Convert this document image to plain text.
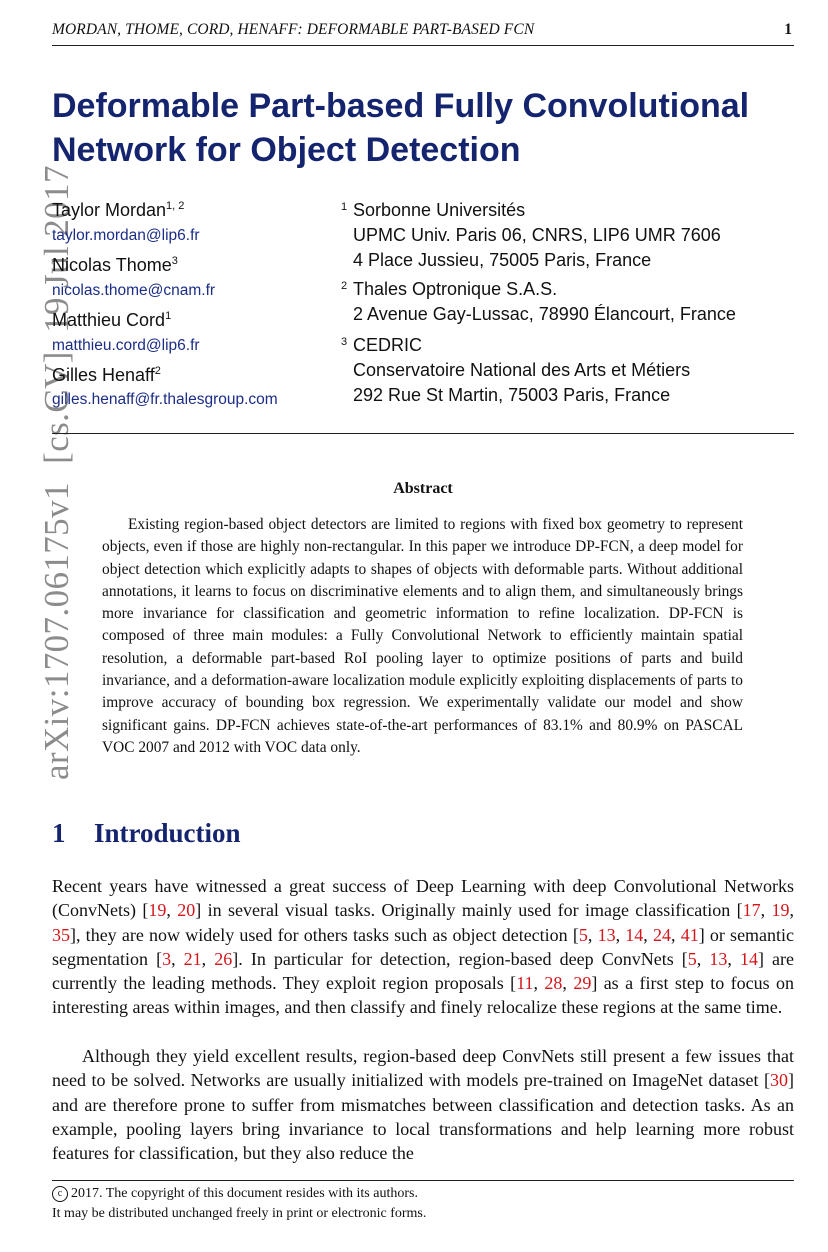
MORDAN, THOME, CORD, HENAFF: DEFORMABLE PART-BASED FCN	1
arXiv:1707.06175v1  [cs.CV]  19 Jul 2017
Deformable Part-based Fully Convolutional
Network for Object Detection
Taylor Mordan$^{1, 2}$
taylor.mordan@lip6.fr
Nicolas Thome$^3$
nicolas.thome@cnam.fr
Matthieu Cord$^1$
matthieu.cord@lip6.fr
Gilles Henaff$^2$
gilles.henaff@fr.thalesgroup.com
1 Sorbonne Universités
UPMC Univ. Paris 06, CNRS, LIP6 UMR 7606
4 Place Jussieu, 75005 Paris, France
2 Thales Optronique S.A.S.
2 Avenue Gay-Lussac, 78990 Élancourt, France
3 CEDRIC
Conservatoire National des Arts et Métiers
292 Rue St Martin, 75003 Paris, France
Abstract
Existing region-based object detectors are limited to regions with fixed box geometry to represent objects, even if those are highly non-rectangular. In this paper we introduce DP-FCN, a deep model for object detection which explicitly adapts to shapes of objects with deformable parts. Without additional annotations, it learns to focus on discriminative elements and to align them, and simultaneously brings more invariance for classification and geometric information to refine localization. DP-FCN is composed of three main modules: a Fully Convolutional Network to efficiently maintain spatial resolution, a deformable part-based RoI pooling layer to optimize positions of parts and build invariance, and a deformation-aware localization module explicitly exploiting displacements of parts to improve accuracy of bounding box regression. We experimentally validate our model and show significant gains. DP-FCN achieves state-of-the-art performances of 83.1% and 80.9% on PASCAL VOC 2007 and 2012 with VOC data only.
1 Introduction
Recent years have witnessed a great success of Deep Learning with deep Convolutional Networks (ConvNets) [19, 20] in several visual tasks. Originally mainly used for image classification [17, 19, 35], they are now widely used for others tasks such as object detection [5, 13, 14, 24, 41] or semantic segmentation [3, 21, 26]. In particular for detection, region-based deep ConvNets [5, 13, 14] are currently the leading methods. They exploit region proposals [11, 28, 29] as a first step to focus on interesting areas within images, and then classify and finely relocalize these regions at the same time.
Although they yield excellent results, region-based deep ConvNets still present a few issues that need to be solved. Networks are usually initialized with models pre-trained on ImageNet dataset [30] and are therefore prone to suffer from mismatches between classification and detection tasks. As an example, pooling layers bring invariance to local transformations and help learning more robust features for classification, but they also reduce the
c 2017. The copyright of this document resides with its authors.
It may be distributed unchanged freely in print or electronic forms.
